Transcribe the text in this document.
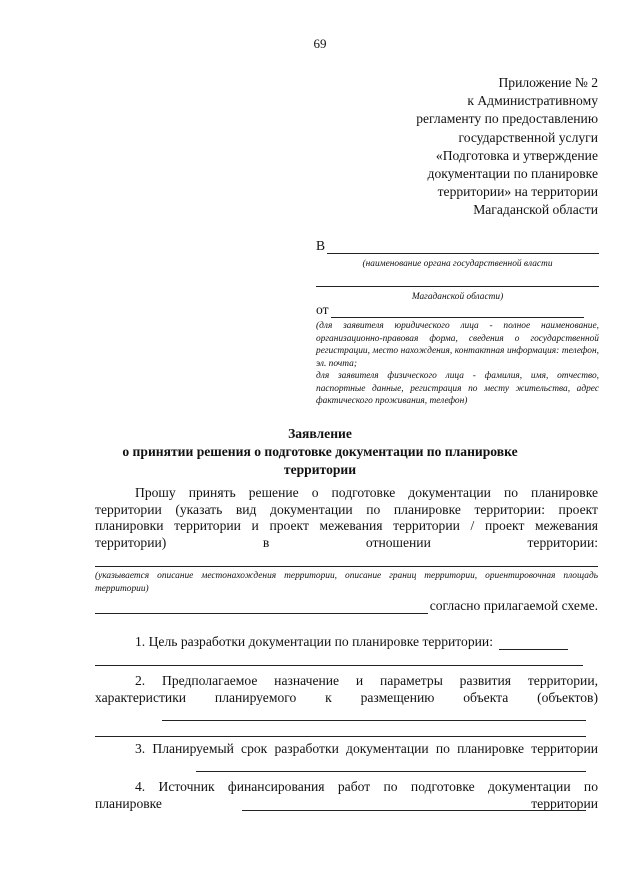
69
Приложение № 2
к Административному
регламенту по предоставлению
государственной услуги
«Подготовка и утверждение
документации по планировке
территории» на территории
Магаданской области
В
(наименование органа государственной власти
Магаданской области)
от
(для заявителя юридического лица - полное наименование, организационно-правовая форма, сведения о государственной регистрации, место нахождения, контактная информация: телефон, эл. почта;
для заявителя физического лица - фамилия, имя, отчество, паспортные данные, регистрация по месту жительства, адрес фактического проживания, телефон)
Заявление
о принятии решения о подготовке документации по планировке
территории
Прошу принять решение о подготовке документации по планировке территории (указать вид документации по планировке территории: проект планировки территории и проект межевания территории / проект межевания территории) в отношении территории:
(указывается описание местонахождения территории, описание границ территории, ориентировочная площадь территории)
согласно прилагаемой схеме.
1. Цель разработки документации по планировке территории:
2. Предполагаемое назначение и параметры развития территории, характеристики планируемого к размещению объекта (объектов)
3. Планируемый срок разработки документации по планировке территории
4. Источник финансирования работ по подготовке документации по планировке территории
